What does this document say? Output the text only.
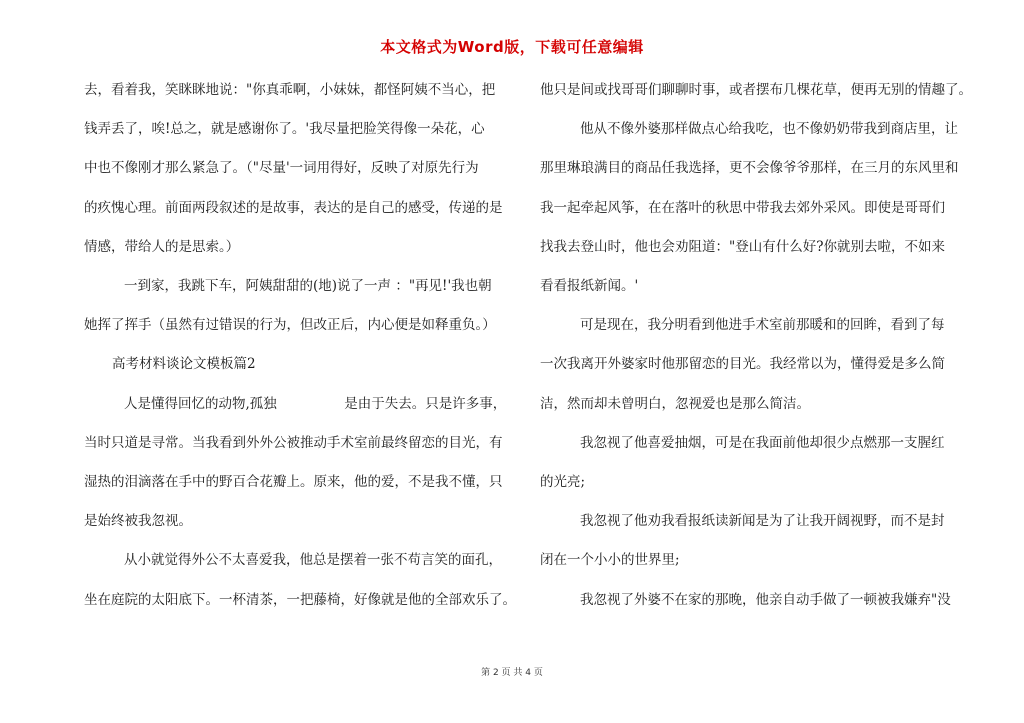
本文格式为Word版，下载可任意编辑
去，看着我，笑眯眯地说："你真乖啊，小妹妹，都怪阿姨不当心，把
钱弄丢了，唉!总之，就是感谢你了。'我尽量把脸笑得像一朵花，心
中也不像刚才那么紧急了。（"尽量'一词用得好，反映了对原先行为
的疚愧心理。前面两段叙述的是故事，表达的是自己的感受，传递的是
情感，带给人的是思索。）
一到家，我跳下车，阿姨甜甜的(地)说了一声 ："再见!'我也朝
她挥了挥手（虽然有过错误的行为，但改正后，内心便是如释重负。）
高考材料谈论文模板篇2
人是懂得回忆的动物,孤独　　　　　是由于失去。只是许多事，
当时只道是寻常。当我看到外外公被推动手术室前最终留恋的目光，有
湿热的泪滴落在手中的野百合花瓣上。原来，他的爱，不是我不懂，只
是始终被我忽视。
从小就觉得外公不太喜爱我，他总是摆着一张不苟言笑的面孔，
坐在庭院的太阳底下。一杯清茶，一把藤椅，好像就是他的全部欢乐了。
他只是间或找哥哥们聊聊时事，或者摆布几棵花草，便再无别的情趣了。
他从不像外婆那样做点心给我吃，也不像奶奶带我到商店里，让
那里琳琅满目的商品任我选择，更不会像爷爷那样，在三月的东风里和
我一起牵起风筝，在在落叶的秋思中带我去郊外采风。即使是哥哥们
找我去登山时，他也会劝阻道："登山有什么好?你就别去啦，不如来
看看报纸新闻。'
可是现在，我分明看到他进手术室前那暖和的回眸，看到了每
一次我离开外婆家时他那留恋的目光。我经常以为，懂得爱是多么简
洁，然而却未曾明白，忽视爱也是那么简洁。
我忽视了他喜爱抽烟，可是在我面前他却很少点燃那一支腥红
的光亮;
我忽视了他劝我看报纸读新闻是为了让我开阔视野，而不是封
闭在一个小小的世界里;
我忽视了外婆不在家的那晚，他亲自动手做了一顿被我嫌弃"没
第 2 页 共 4 页
